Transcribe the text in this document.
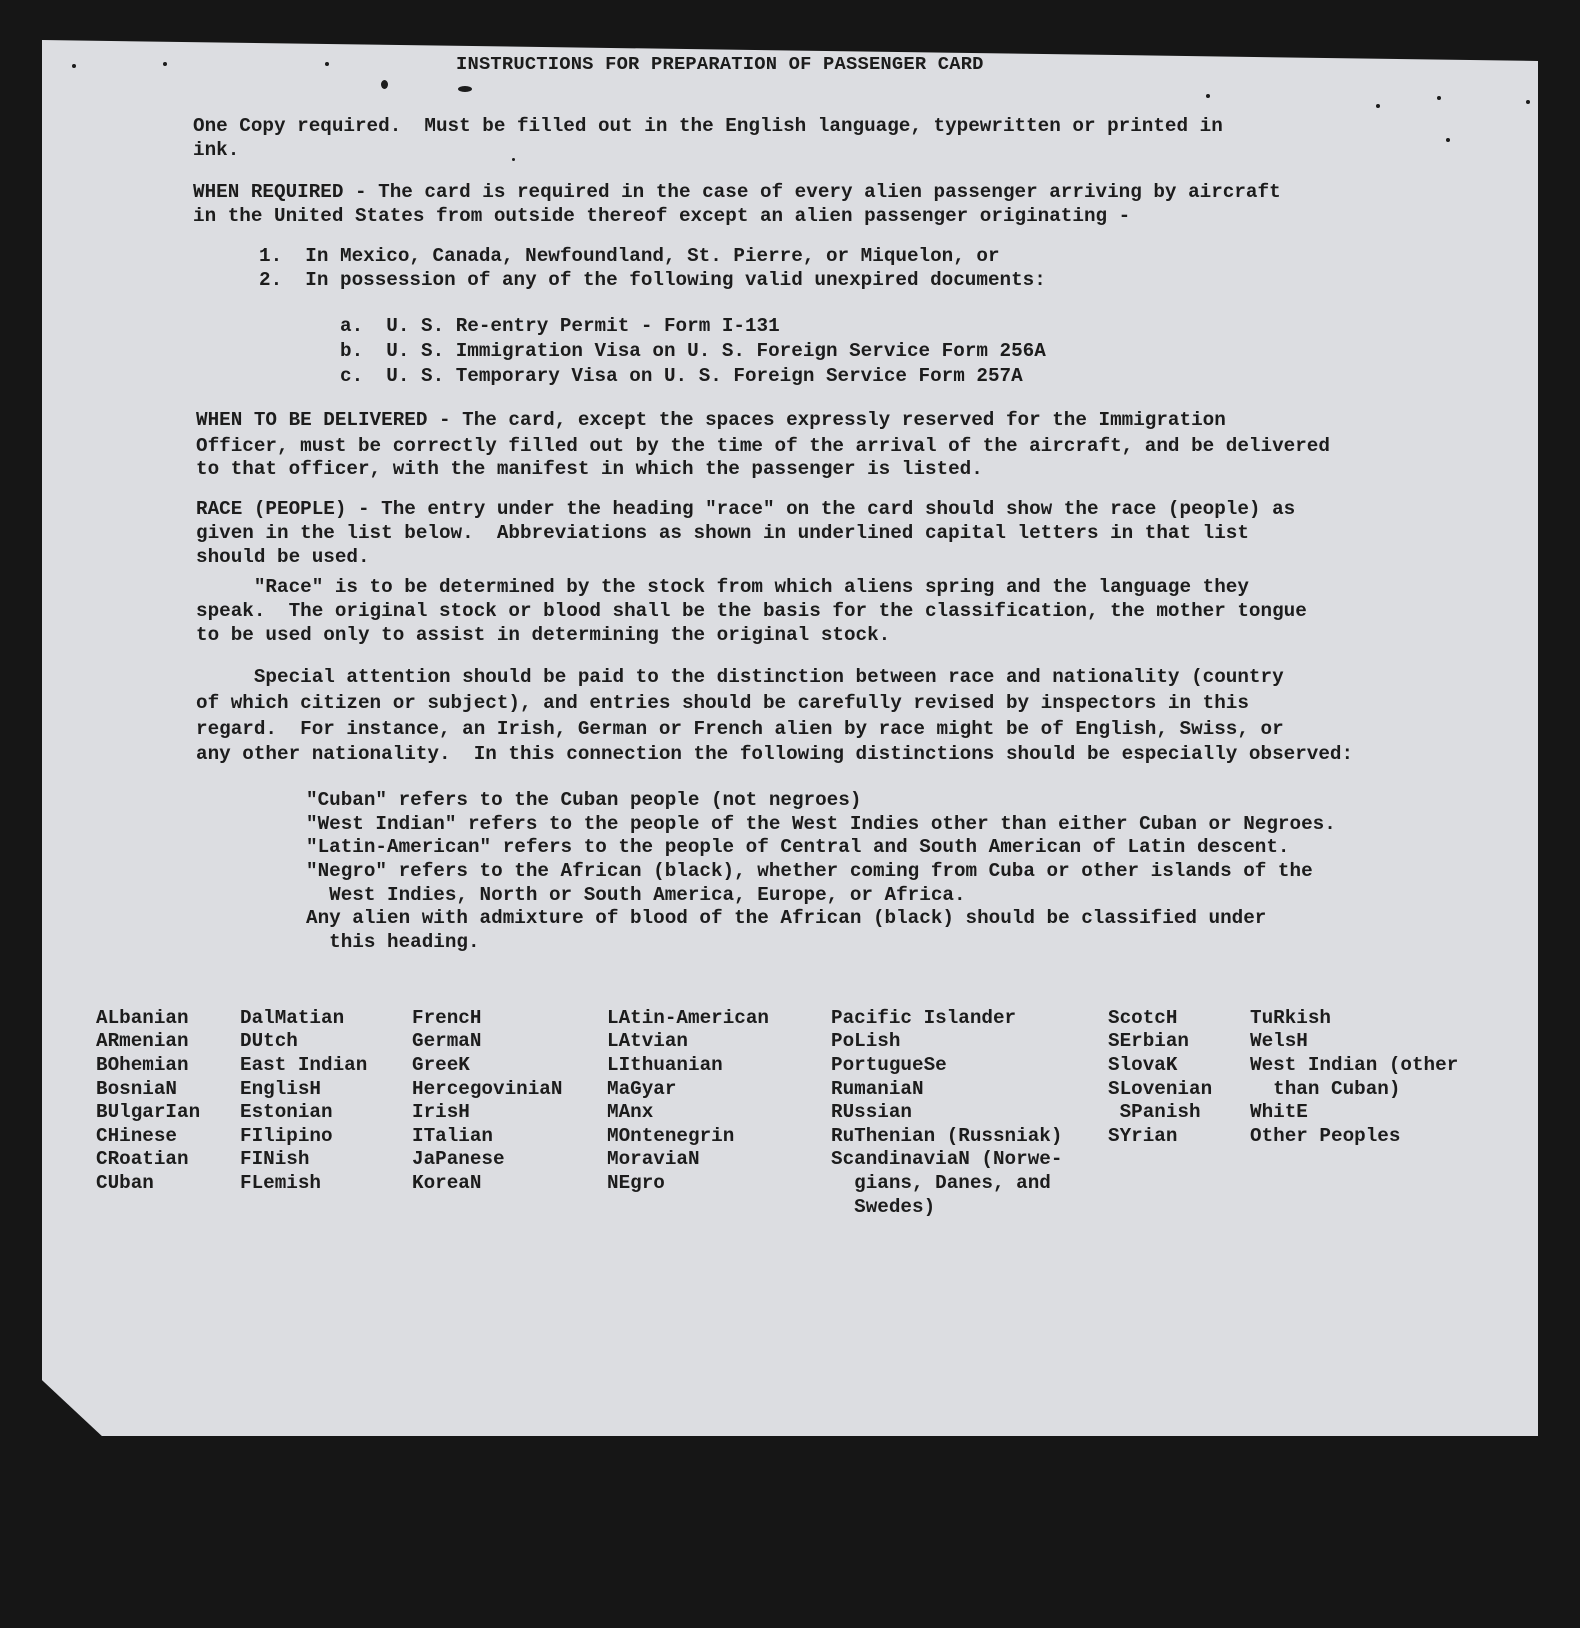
INSTRUCTIONS FOR PREPARATION OF PASSENGER CARD
One Copy required.  Must be filled out in the English language, typewritten or printed in
ink.
WHEN REQUIRED - The card is required in the case of every alien passenger arriving by aircraft
in the United States from outside thereof except an alien passenger originating -
1.  In Mexico, Canada, Newfoundland, St. Pierre, or Miquelon, or
2.  In possession of any of the following valid unexpired documents:
a.  U. S. Re-entry Permit - Form I-131
b.  U. S. Immigration Visa on U. S. Foreign Service Form 256A
c.  U. S. Temporary Visa on U. S. Foreign Service Form 257A
WHEN TO BE DELIVERED - The card, except the spaces expressly reserved for the Immigration
Officer, must be correctly filled out by the time of the arrival of the aircraft, and be delivered
to that officer, with the manifest in which the passenger is listed.
RACE (PEOPLE) - The entry under the heading "race" on the card should show the race (people) as
given in the list below.  Abbreviations as shown in underlined capital letters in that list
should be used.
"Race" is to be determined by the stock from which aliens spring and the language they
speak.  The original stock or blood shall be the basis for the classification, the mother tongue
to be used only to assist in determining the original stock.
Special attention should be paid to the distinction between race and nationality (country
of which citizen or subject), and entries should be carefully revised by inspectors in this
regard.  For instance, an Irish, German or French alien by race might be of English, Swiss, or
any other nationality.  In this connection the following distinctions should be especially observed:
"Cuban" refers to the Cuban people (not negroes)
"West Indian" refers to the people of the West Indies other than either Cuban or Negroes.
"Latin-American" refers to the people of Central and South American of Latin descent.
"Negro" refers to the African (black), whether coming from Cuba or other islands of the
West Indies, North or South America, Europe, or Africa.
Any alien with admixture of blood of the African (black) should be classified under
this heading.
ALbanian
ARmenian
BOhemian
BosniaN
BUlgarIan
CHinese
CRoatian
CUban
DalMatian
DUtch
East Indian
EnglisH
Estonian
FIlipino
FINish
FLemish
FrencH
GermaN
GreeK
HercegoviniaN
IrisH
ITalian
JaPanese
KoreaN
LAtin-American
LAtvian
LIthuanian
MaGyar
MAnx
MOntenegrin
MoraviaN
NEgro
Pacific Islander
PoLish
PortugueSe
RumaniaN
RUssian
RuThenian (Russniak)
ScandinaviaN (Norwe-
gians, Danes, and
Swedes)
ScotcH
SErbian
SlovaK
SLovenian
SPanish
SYrian
TuRkish
WelsH
West Indian (other
than Cuban)
WhitE
Other Peoples
